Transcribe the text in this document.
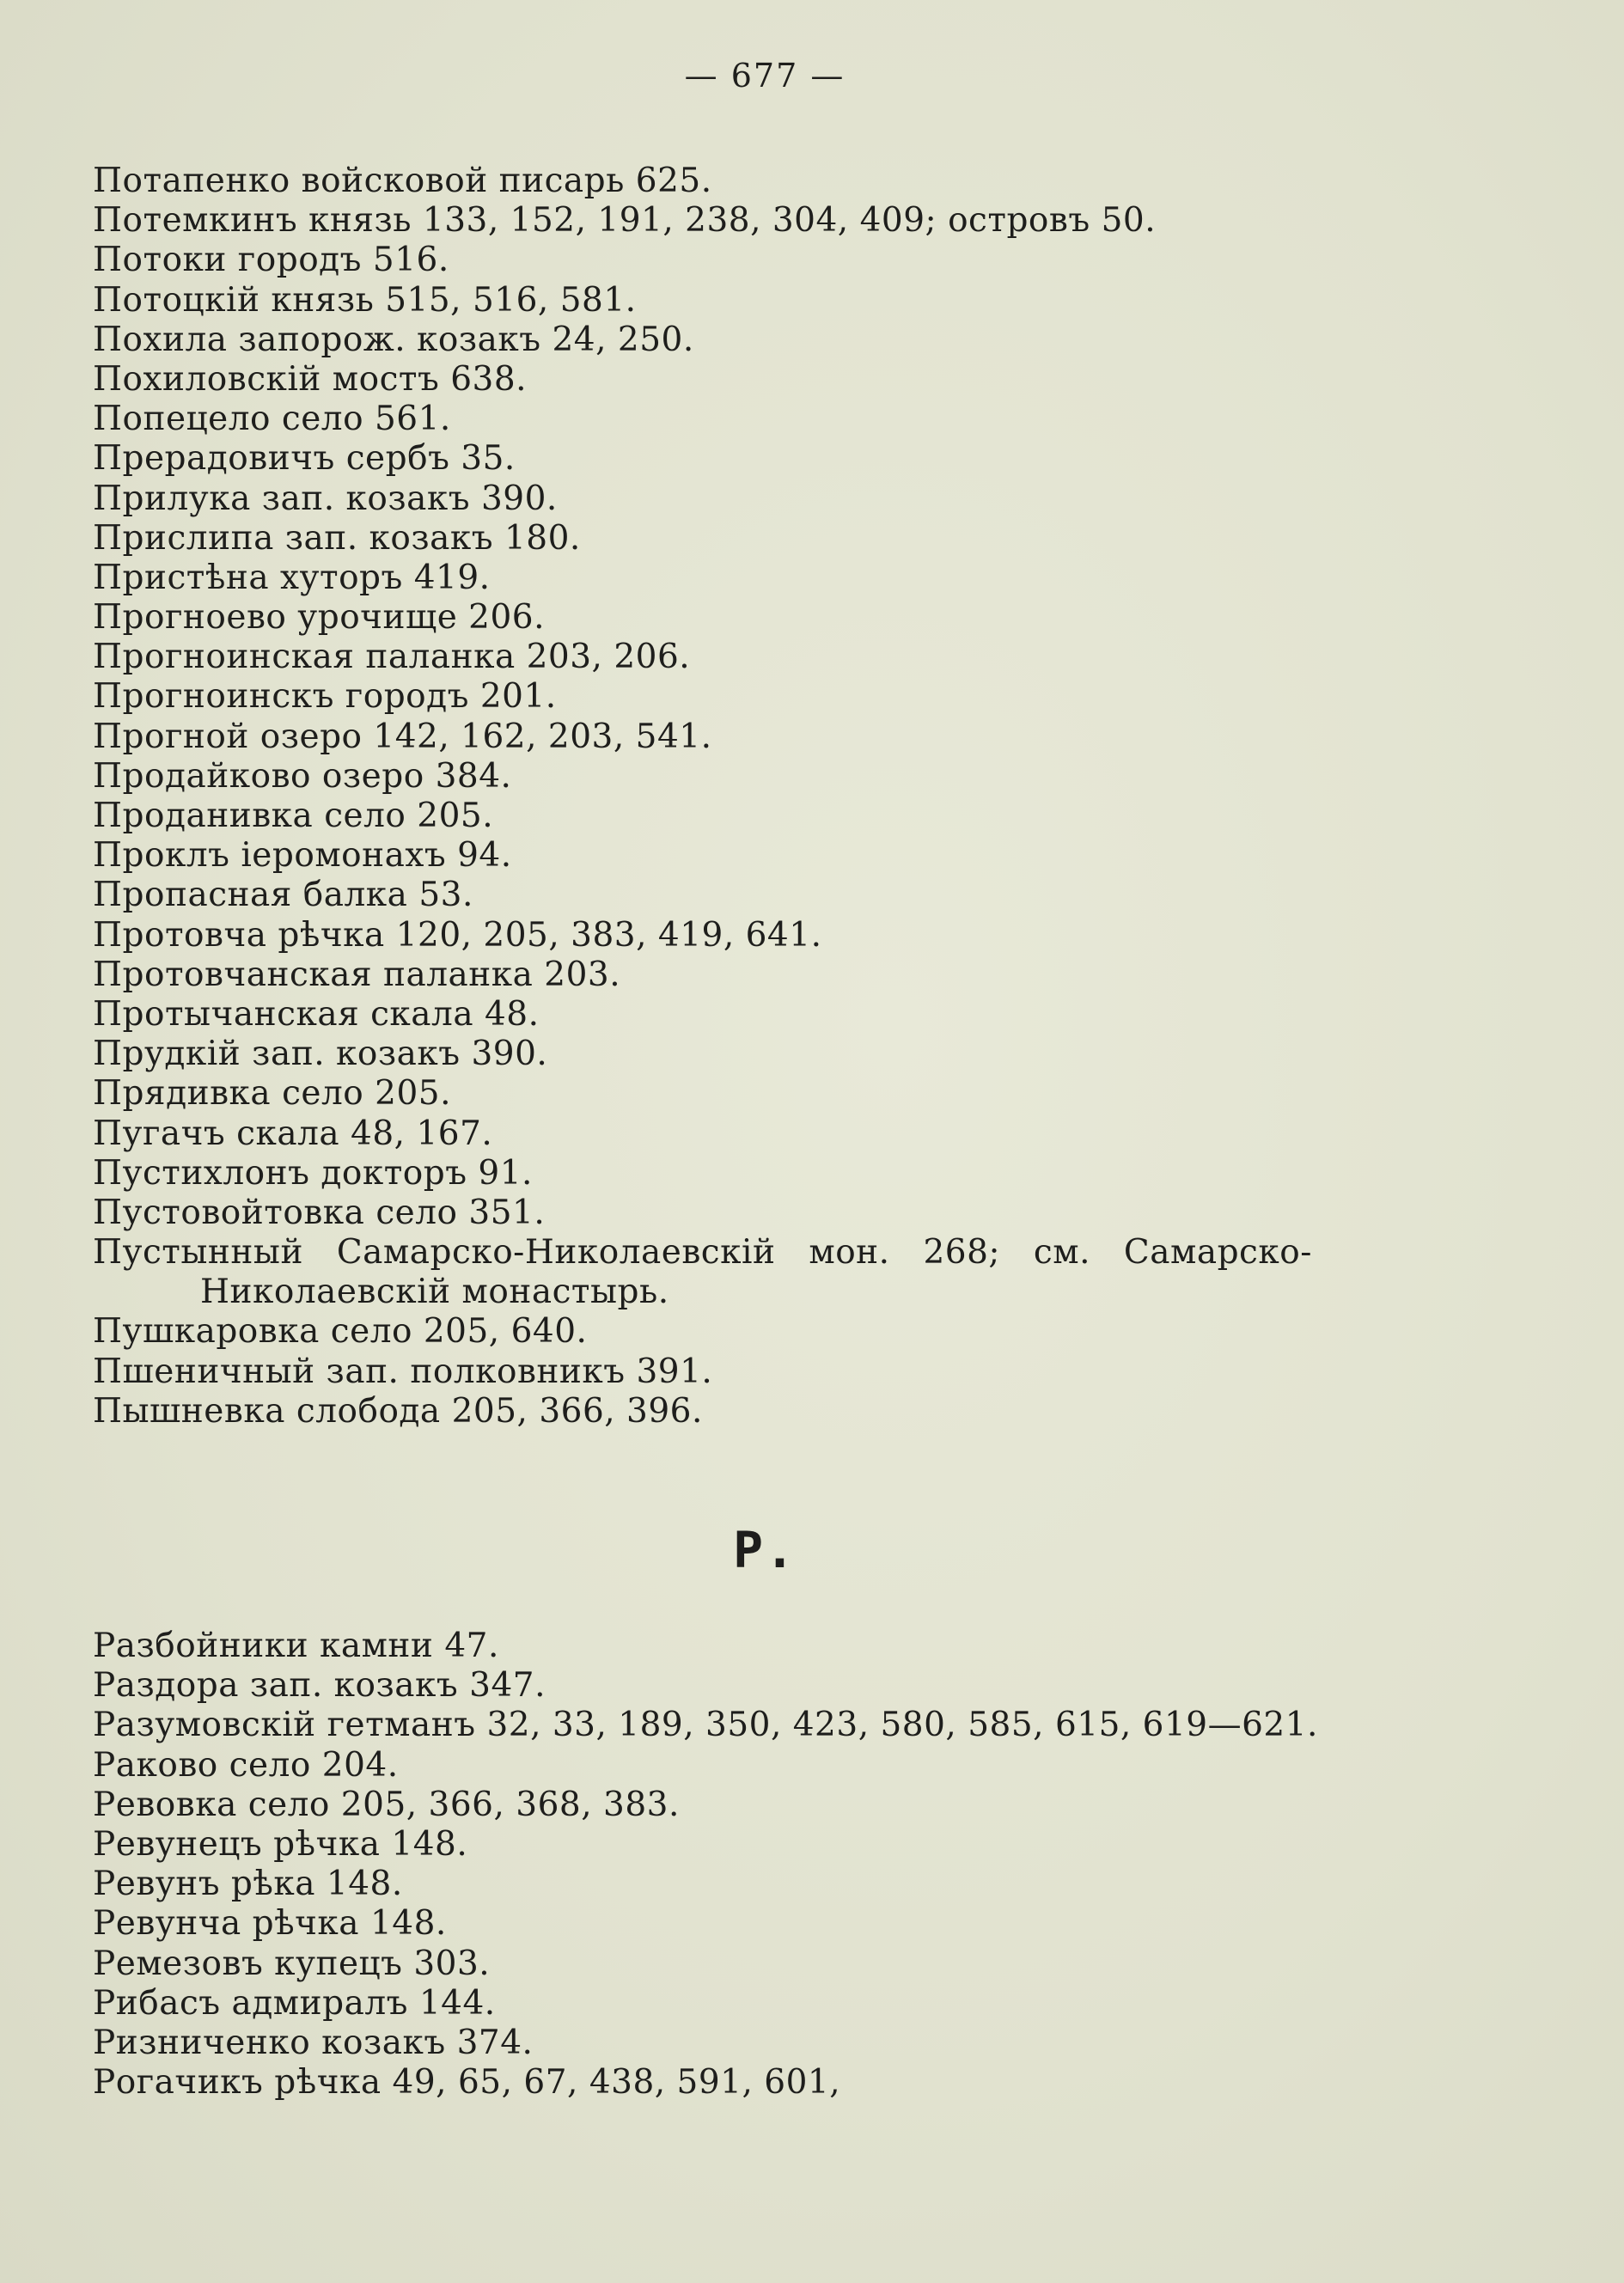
— 677 —
Потапенко войсковой писарь 625.
Потемкинъ князь 133, 152, 191, 238, 304, 409; островъ 50.
Потоки городъ 516.
Потоцкій князь 515, 516, 581.
Похила запорож. козакъ 24, 250.
Похиловскій мостъ 638.
Попецело село 561.
Прерадовичъ сербъ 35.
Прилука зап. козакъ 390.
Прислипа зап. козакъ 180.
Пристѣна хуторъ 419.
Прогноево урочище 206.
Прогноинская паланка 203, 206.
Прогноинскъ городъ 201.
Прогной озеро 142, 162, 203, 541.
Продайково озеро 384.
Проданивка село 205.
Проклъ іеромонахъ 94.
Пропасная балка 53.
Протовча рѣчка 120, 205, 383, 419, 641.
Протовчанская паланка 203.
Протычанская скала 48.
Прудкій зап. козакъ 390.
Прядивка село 205.
Пугачъ скала 48, 167.
Пустихлонъ докторъ 91.
Пустовойтовка село 351.
Пустынный Самарско-Николаевскій мон. 268; см. Самарско-
Николаевскій монастырь.
Пушкаровка село 205, 640.
Пшеничный зап. полковникъ 391.
Пышневка слобода 205, 366, 396.
Р.
Разбойники камни 47.
Раздора зап. козакъ 347.
Разумовскій гетманъ 32, 33, 189, 350, 423, 580, 585, 615, 619—621.
Раково село 204.
Ревовка село 205, 366, 368, 383.
Ревунецъ рѣчка 148.
Ревунъ рѣка 148.
Ревунча рѣчка 148.
Ремезовъ купецъ 303.
Рибасъ адмиралъ 144.
Ризниченко козакъ 374.
Рогачикъ рѣчка 49, 65, 67, 438, 591, 601,
